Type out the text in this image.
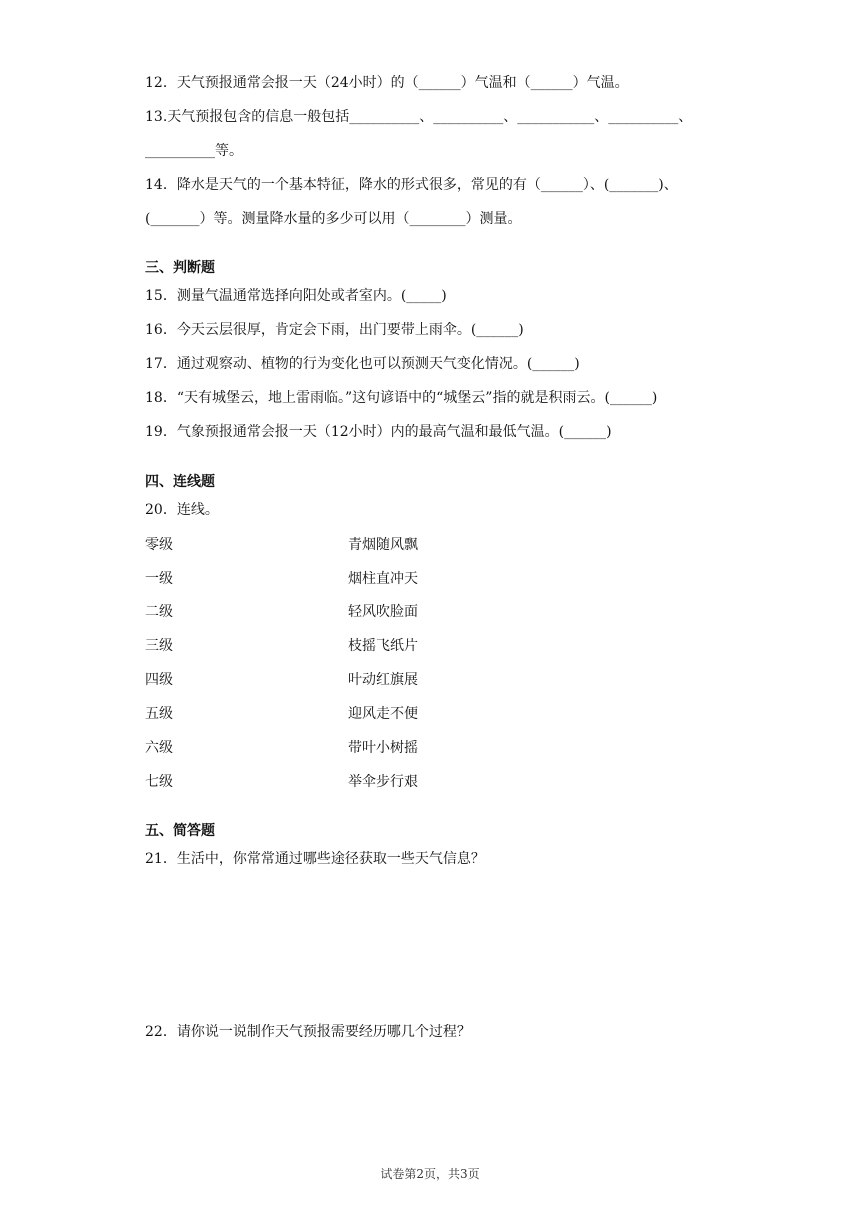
12．天气预报通常会报一天（24小时）的（______）气温和（______）气温。
13.天气预报包含的信息一般包括__________、__________、___________、__________、
__________等。
14．降水是天气的一个基本特征，降水的形式很多，常见的有（______）、(_______)、
(_______）等。测量降水量的多少可以用（________）测量。
三、判断题
15．测量气温通常选择向阳处或者室内。(_____)
16．今天云层很厚，肯定会下雨，出门要带上雨伞。(______)
17．通过观察动、植物的行为变化也可以预测天气变化情况。(______)
18．“天有城堡云，地上雷雨临。”这句谚语中的“城堡云”指的就是积雨云。(______)
19．气象预报通常会报一天（12小时）内的最高气温和最低气温。(______)
四、连线题
20．连线。
零级
一级
二级
三级
四级
五级
六级
七级
青烟随风飘
烟柱直冲天
轻风吹脸面
枝摇飞纸片
叶动红旗展
迎风走不便
带叶小树摇
举伞步行艰
五、简答题
21．生活中，你常常通过哪些途径获取一些天气信息？
22．请你说一说制作天气预报需要经历哪几个过程？
试卷第2页，共3页
